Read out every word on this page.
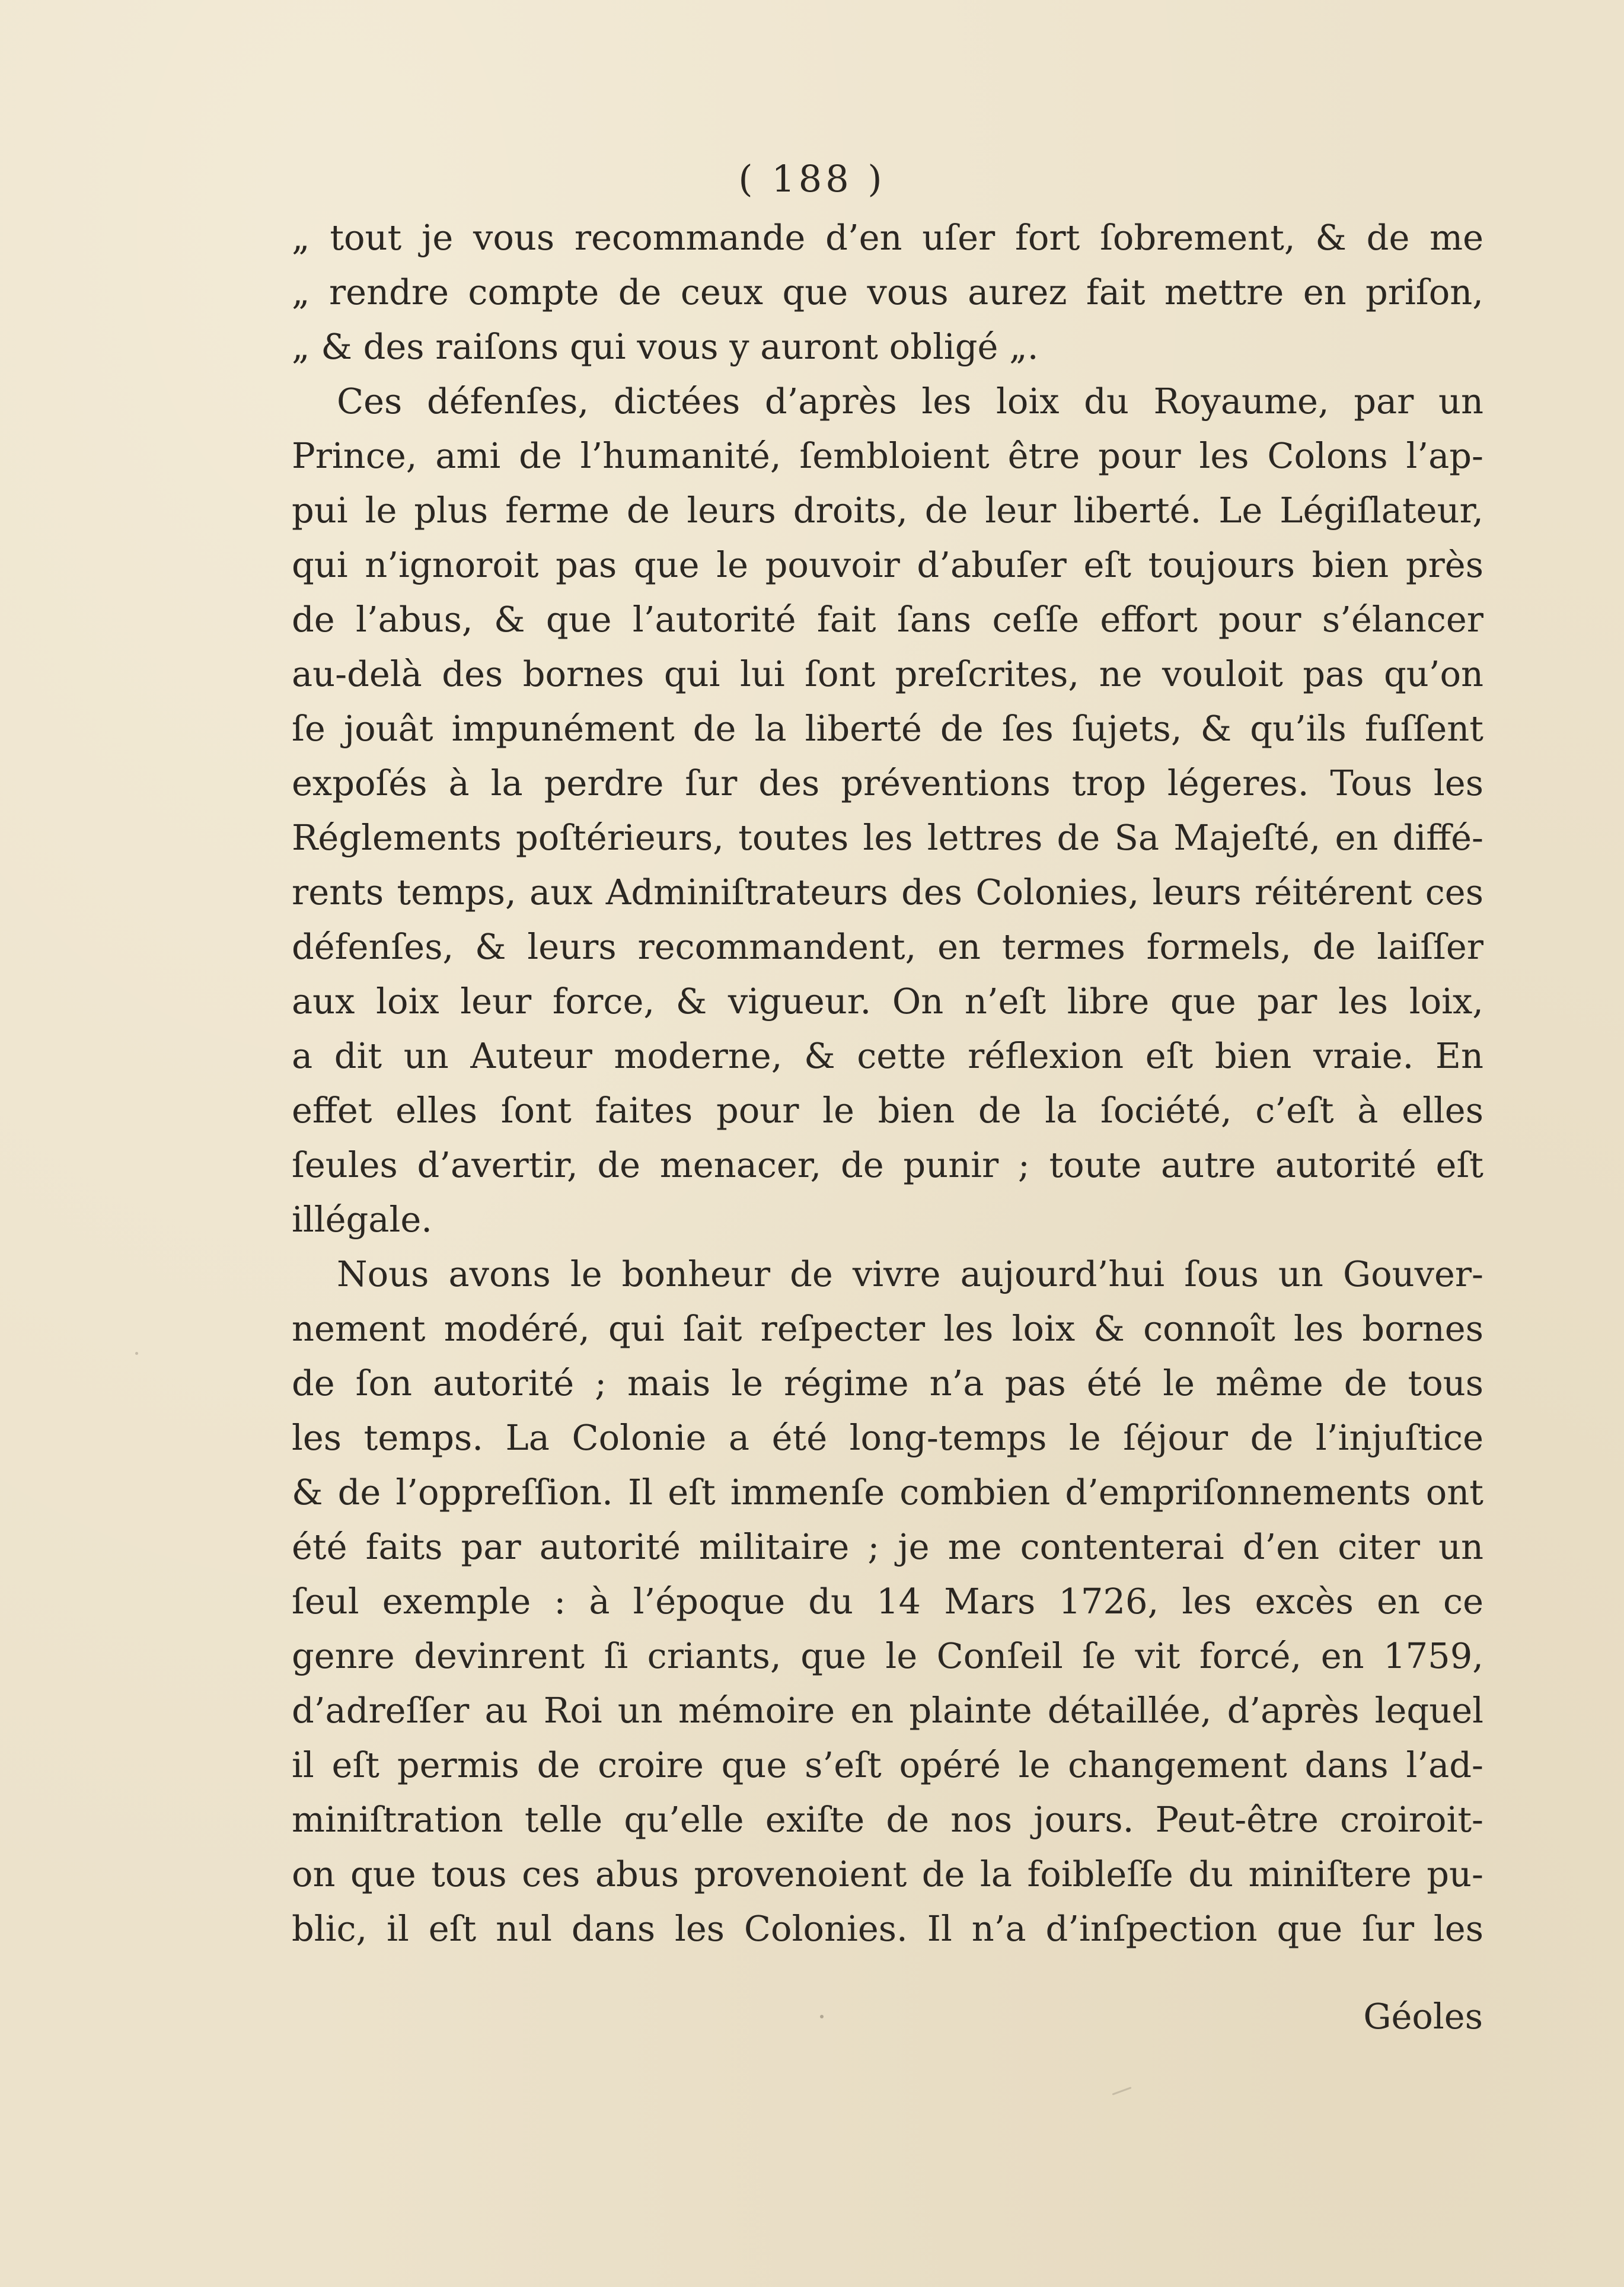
( 188 )
„ tout je vous recommande d’en uſer fort ſobrement, & de me
„ rendre compte de ceux que vous aurez fait mettre en priſon,
„ & des raiſons qui vous y auront obligé „.
Ces défenſes, dictées d’après les loix du Royaume, par un
Prince, ami de l’humanité, ſembloient être pour les Colons l’ap-
pui le plus ferme de leurs droits, de leur liberté. Le Légiſlateur,
qui n’ignoroit pas que le pouvoir d’abuſer eſt toujours bien près
de l’abus, & que l’autorité fait ſans ceſſe effort pour s’élancer
au-delà des bornes qui lui ſont preſcrites, ne vouloit pas qu’on
ſe jouât impunément de la liberté de ſes ſujets, & qu’ils fuſſent
expoſés à la perdre ſur des préventions trop légeres. Tous les
Réglements poſtérieurs, toutes les lettres de Sa Majeſté, en diffé-
rents temps, aux Adminiſtrateurs des Colonies, leurs réitérent ces
défenſes, & leurs recommandent, en termes formels, de laiſſer
aux loix leur force, & vigueur. On n’eſt libre que par les loix,
a dit un Auteur moderne, & cette réflexion eſt bien vraie. En
effet elles ſont faites pour le bien de la ſociété, c’eſt à elles
ſeules d’avertir, de menacer, de punir ; toute autre autorité eſt
illégale.
Nous avons le bonheur de vivre aujourd’hui ſous un Gouver-
nement modéré, qui ſait reſpecter les loix & connoît les bornes
de ſon autorité ; mais le régime n’a pas été le même de tous
les temps. La Colonie a été long-temps le ſéjour de l’injuſtice
& de l’oppreſſion. Il eſt immenſe combien d’empriſonnements ont
été faits par autorité militaire ; je me contenterai d’en citer un
ſeul exemple : à l’époque du 14 Mars 1726, les excès en ce
genre devinrent ſi criants, que le Conſeil ſe vit forcé, en 1759,
d’adreſſer au Roi un mémoire en plainte détaillée, d’après lequel
il eſt permis de croire que s’eſt opéré le changement dans l’ad-
miniſtration telle qu’elle exiſte de nos jours. Peut-être croiroit-
on que tous ces abus provenoient de la foibleſſe du miniſtere pu-
blic, il eſt nul dans les Colonies. Il n’a d’inſpection que ſur les
Géoles
